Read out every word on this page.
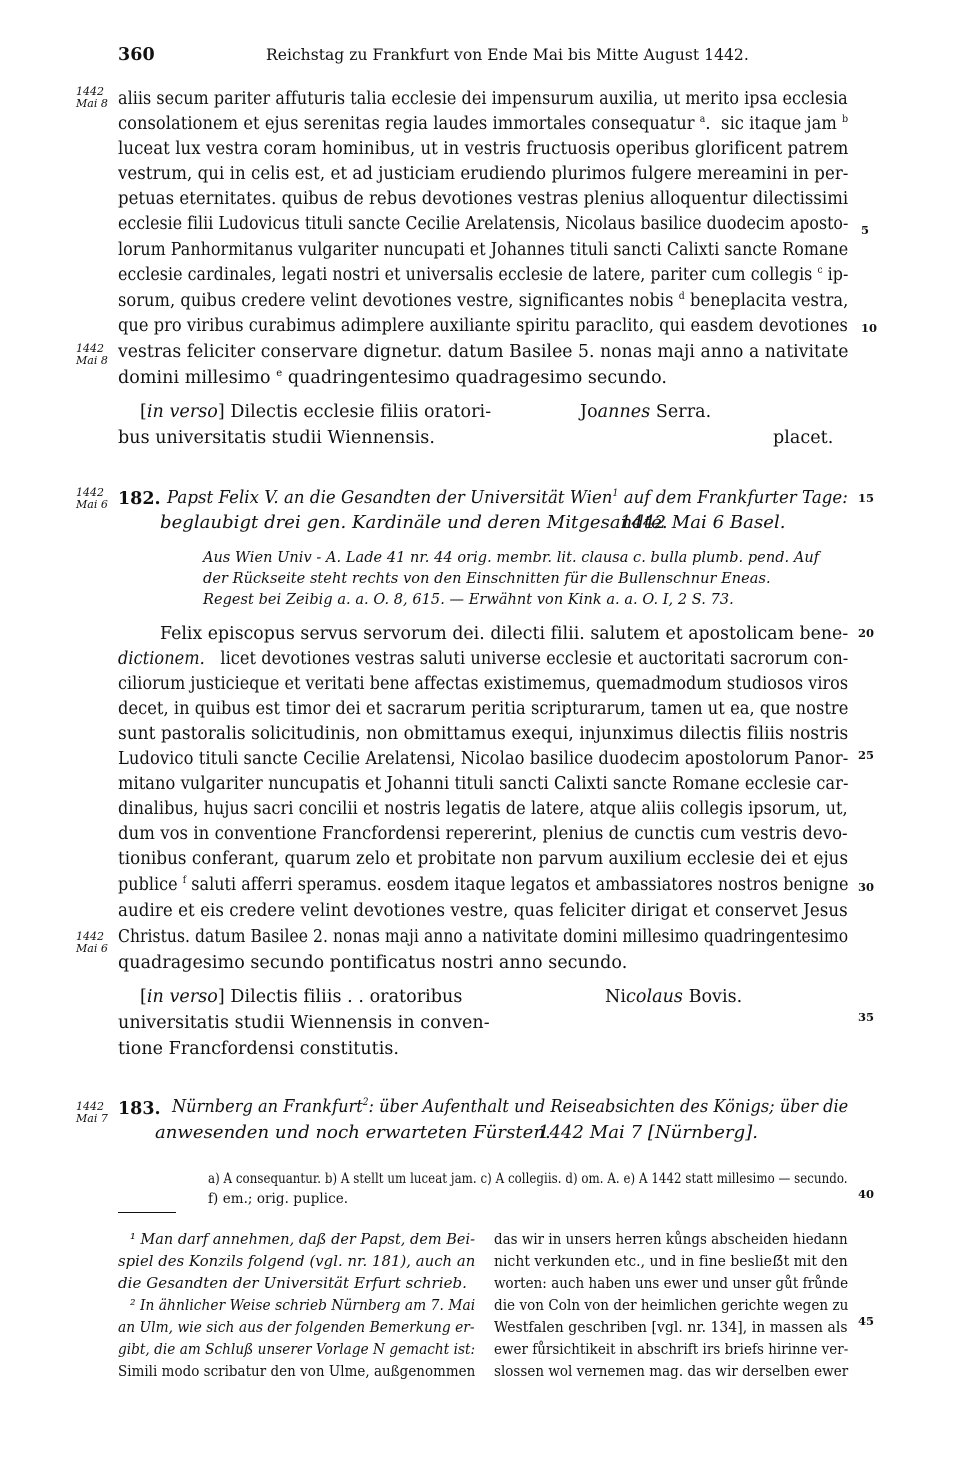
360	Reichstag zu Frankfurt von Ende Mai bis Mitte August 1442.
1442
Mai 8
1442
Mai 8
1442
Mai 6
1442
Mai 6
1442
Mai 7
5
10
15
20
25
30
35
40
45
aliis secum pariter affuturis talia ecclesie dei impensurum auxilia, ut merito ipsa ecclesia
consolationem et ejus serenitas regia laudes immortales consequatur $^a$.  sic itaque jam $^b$
luceat lux vestra coram hominibus, ut in vestris fructuosis operibus glorificent patrem
vestrum, qui in celis est, et ad justiciam erudiendo plurimos fulgere mereamini in per-
petuas eternitates. quibus de rebus devotiones vestras plenius alloquentur dilectissimi
ecclesie filii Ludovicus tituli sancte Cecilie Arelatensis, Nicolaus basilice duodecim aposto-
lorum Panhormitanus vulgariter nuncupati et Johannes tituli sancti Calixti sancte Romane
ecclesie cardinales, legati nostri et universalis ecclesie de latere, pariter cum collegis $^c$ ip-
sorum, quibus credere velint devotiones vestre, significantes nobis $^d$ beneplacita vestra,
que pro viribus curabimus adimplere auxiliante spiritu paraclito, qui easdem devotiones
vestras feliciter conservare dignetur. datum Basilee 5. nonas maji anno a nativitate
domini millesimo $^e$ quadringentesimo quadragesimo secundo.
[in verso] Dilectis ecclesie filiis oratori-
bus universitatis studii Wiennensis.
Joannes Serra.
placet.
182. Papst Felix V. an die Gesandten der Universität Wien$^1$ auf dem Frankfurter Tage:
beglaubigt drei gen. Kardinäle und deren Mitgesandte.
1442 Mai 6 Basel.
Aus Wien Univ - A. Lade 41 nr. 44 orig. membr. lit. clausa c. bulla plumb. pend. Auf
der Rückseite steht rechts von den Einschnitten für die Bullenschnur Eneas.
Regest bei Zeibig a. a. O. 8, 615. — Erwähnt von Kink a. a. O. I, 2 S. 73.
Felix episcopus servus servorum dei. dilecti filii. salutem et apostolicam bene-
dictionem. licet devotiones vestras saluti universe ecclesie et auctoritati sacrorum con-
ciliorum justicieque et veritati bene affectas existimemus, quemadmodum studiosos viros
decet, in quibus est timor dei et sacrarum peritia scripturarum, tamen ut ea, que nostre
sunt pastoralis solicitudinis, non obmittamus exequi, injunximus dilectis filiis nostris
Ludovico tituli sancte Cecilie Arelatensi, Nicolao basilice duodecim apostolorum Panor-
mitano vulgariter nuncupatis et Johanni tituli sancti Calixti sancte Romane ecclesie car-
dinalibus, hujus sacri concilii et nostris legatis de latere, atque aliis collegis ipsorum, ut,
dum vos in conventione Francfordensi repererint, plenius de cunctis cum vestris devo-
tionibus conferant, quarum zelo et probitate non parvum auxilium ecclesie dei et ejus
publice $^f$ saluti afferri speramus. eosdem itaque legatos et ambassiatores nostros benigne
audire et eis credere velint devotiones vestre, quas feliciter dirigat et conservet Jesus
Christus. datum Basilee 2. nonas maji anno a nativitate domini millesimo quadringentesimo
quadragesimo secundo pontificatus nostri anno secundo.
[in verso] Dilectis filiis . . oratoribus
universitatis studii Wiennensis in conven-
tione Francfordensi constitutis.
Nicolaus Bovis.
183. Nürnberg an Frankfurt$^2$: über Aufenthalt und Reiseabsichten des Königs; über die
anwesenden und noch erwarteten Fürsten.
1442 Mai 7 [Nürnberg].
a) A consequantur. b) A stellt um luceat jam. c) A collegiis. d) om. A. e) A 1442 statt millesimo — secundo.
f) em.; orig. puplice.
¹ Man darf annehmen, daß der Papst, dem Bei-
spiel des Konzils folgend (vgl. nr. 181), auch an
die Gesandten der Universität Erfurt schrieb.
² In ähnlicher Weise schrieb Nürnberg am 7. Mai
an Ulm, wie sich aus der folgenden Bemerkung er-
gibt, die am Schluß unserer Vorlage N gemacht ist:
Simili modo scribatur den von Ulme, außgenommen
das wir in unsers herren kůngs abscheiden hiedann
nicht verkunden etc., und in fine beslieẞt mit den
worten: auch haben uns ewer und unser gůt frůnde
die von Coln von der heimlichen gerichte wegen zu
Westfalen geschriben [vgl. nr. 134], in massen als
ewer fůrsichtikeit in abschrift irs briefs hirinne ver-
slossen wol vernemen mag. das wir derselben ewer
